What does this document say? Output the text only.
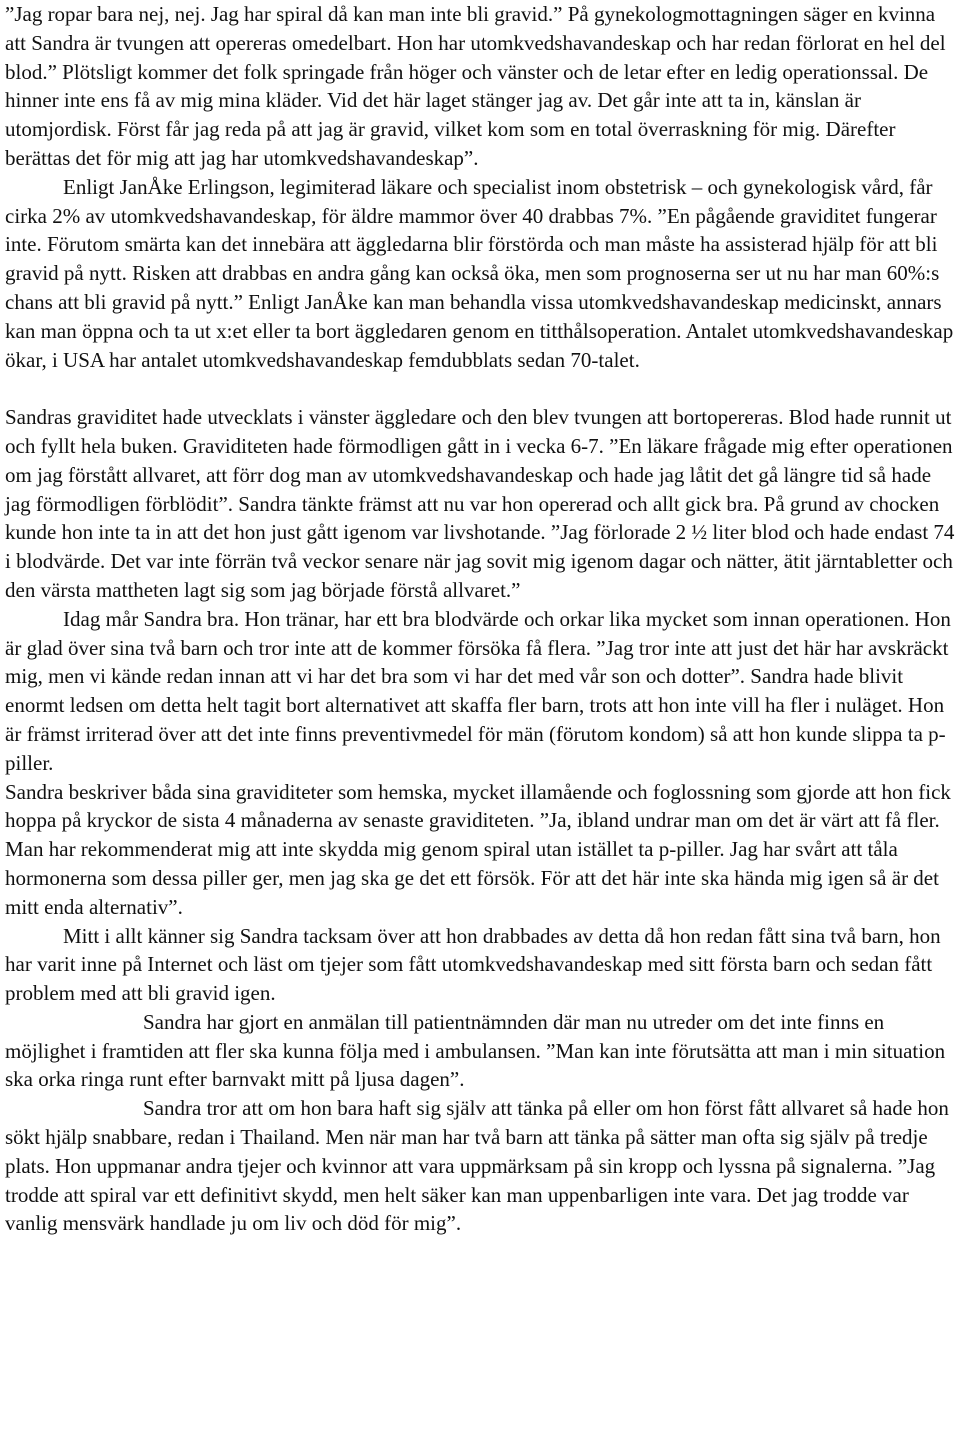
”Jag ropar bara nej, nej. Jag har spiral då kan man inte bli gravid.” På gynekologmottagningen säger en kvinna att Sandra är tvungen att opereras omedelbart. Hon har utomkvedshavandeskap och har redan förlorat en hel del blod.” Plötsligt kommer det folk springade från höger och vänster och de letar efter en ledig operationssal. De hinner inte ens få av mig mina kläder. Vid det här laget stänger jag av. Det går inte att ta in, känslan är utomjordisk. Först får jag reda på att jag är gravid, vilket kom som en total överraskning för mig. Därefter berättas det för mig att jag har utomkvedshavandeskap”.

Enligt JanÅke Erlingson, legimiterad läkare och specialist inom obstetrisk – och gynekologisk vård, får cirka 2% av utomkvedshavandeskap, för äldre mammor över 40 drabbas 7%. ”En pågående graviditet fungerar inte. Förutom smärta kan det innebära att äggledarna blir förstörda och man måste ha assisterad hjälp för att bli gravid på nytt. Risken att drabbas en andra gång kan också öka, men som prognoserna ser ut nu har man 60%:s chans att bli gravid på nytt.” Enligt JanÅke kan man behandla vissa utomkvedshavandeskap medicinskt, annars kan man öppna och ta ut x:et eller ta bort äggledaren genom en titthålsoperation. Antalet utomkvedshavandeskap ökar, i USA har antalet utomkvedshavandeskap femdubblats sedan 70-talet.

Sandras graviditet hade utvecklats i vänster äggledare och den blev tvungen att bortopereras. Blod hade runnit ut och fyllt hela buken. Graviditeten hade förmodligen gått in i vecka 6-7. ”En läkare frågade mig efter operationen om jag förstått allvaret, att förr dog man av utomkvedshavandeskap och hade jag låtit det gå längre tid så hade jag förmodligen förblödit”. Sandra tänkte främst att nu var hon opererad och allt gick bra. På grund av chocken kunde hon inte ta in att det hon just gått igenom var livshotande. ”Jag förlorade 2 ½ liter blod och hade endast 74 i blodvärde. Det var inte förrän två veckor senare när jag sovit mig igenom dagar och nätter, ätit järntabletter och den värsta mattheten lagt sig som jag började förstå allvaret.”

Idag mår Sandra bra. Hon tränar, har ett bra blodvärde och orkar lika mycket som innan operationen. Hon är glad över sina två barn och tror inte att de kommer försöka få flera. ”Jag tror inte att just det här har avskräckt mig, men vi kände redan innan att vi har det bra som vi har det med vår son och dotter”. Sandra hade blivit enormt ledsen om detta helt tagit bort alternativet att skaffa fler barn, trots att hon inte vill ha fler i nuläget. Hon är främst irriterad över att det inte finns preventivmedel för män (förutom kondom) så att hon kunde slippa ta p-piller.

Sandra beskriver båda sina graviditeter som hemska, mycket illamående och foglossning som gjorde att hon fick hoppa på kryckor de sista 4 månaderna av senaste graviditeten. ”Ja, ibland undrar man om det är värt att få fler. Man har rekommenderat mig att inte skydda mig genom spiral utan istället ta p-piller. Jag har svårt att tåla hormonerna som dessa piller ger, men jag ska ge det ett försök. För att det här inte ska hända mig igen så är det mitt enda alternativ”.

Mitt i allt känner sig Sandra tacksam över att hon drabbades av detta då hon redan fått sina två barn, hon har varit inne på Internet och läst om tjejer som fått utomkvedshavandeskap med sitt första barn och sedan fått problem med att bli gravid igen.

Sandra har gjort en anmälan till patientnämnden där man nu utreder om det inte finns en möjlighet i framtiden att fler ska kunna följa med i ambulansen. ”Man kan inte förutsätta att man i min situation ska orka ringa runt efter barnvakt mitt på ljusa dagen”.

Sandra tror att om hon bara haft sig själv att tänka på eller om hon först fått allvaret så hade hon sökt hjälp snabbare, redan i Thailand. Men när man har två barn att tänka på sätter man ofta sig själv på tredje plats. Hon uppmanar andra tjejer och kvinnor att vara uppmärksam på sin kropp och lyssna på signalerna. ”Jag trodde att spiral var ett definitivt skydd, men helt säker kan man uppenbarligen inte vara. Det jag trodde var vanlig mensvärk handlade ju om liv och död för mig”.
